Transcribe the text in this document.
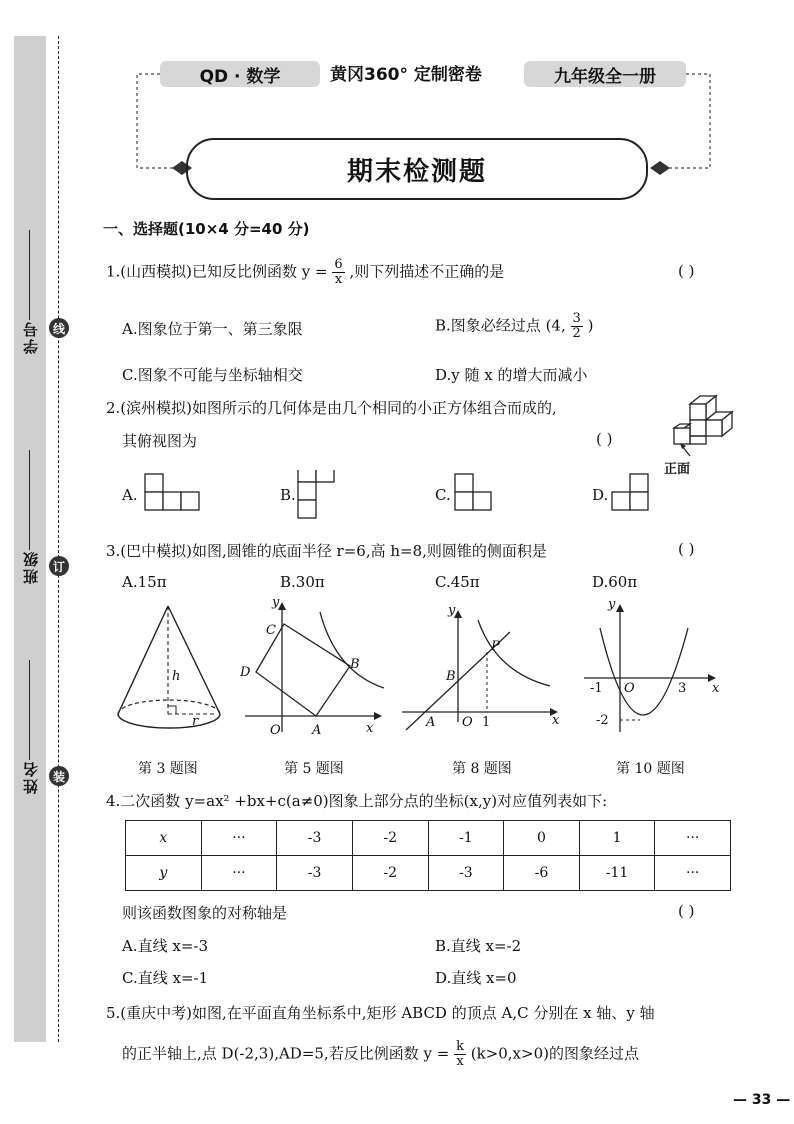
学号
班级
姓名
线
订
装
QD · 数学	黄冈360° 定制密卷	九年级全一册
期末检测题
一、选择题(10×4 分=40 分)
1.(山西模拟)已知反比例函数 $y = \frac{6}{x}$ ,则下列描述不正确的是	( )
A.图象位于第一、第三象限	B.图象必经过点 (4, $\frac{3}{2}$ )
C.图象不可能与坐标轴相交	D.y 随 x 的增大而减小
2.(滨州模拟)如图所示的几何体是由几个相同的小正方体组合而成的,
其俯视图为	( )
正面
A.	B.	C.	D.
3.(巴中模拟)如图,圆锥的底面半径 r=6,高 h=8,则圆锥的侧面积是	( )
A.15π	B.30π	C.45π	D.60π
h
r
y
x
C
B
D
O A
y
x
P
B
A O 1
y
x
-1 O	3
-2
第 3 题图	第 5 题图	第 8 题图	第 10 题图
4.二次函数 y=ax² +bx+c(a≠0)图象上部分点的坐标(x,y)对应值列表如下:
x	···	-3	-2	-1	0	1	···
y	···	-3	-2	-3	-6	-11	···
则该函数图象的对称轴是	( )
A.直线 x=-3	B.直线 x=-2
C.直线 x=-1	D.直线 x=0
5.(重庆中考)如图,在平面直角坐标系中,矩形 ABCD 的顶点 A,C 分别在 x 轴、y 轴
的正半轴上,点 D(-2,3),AD=5,若反比例函数 $y = \frac{k}{x} (k>0,x>0)$的图象经过点
— 33 —
